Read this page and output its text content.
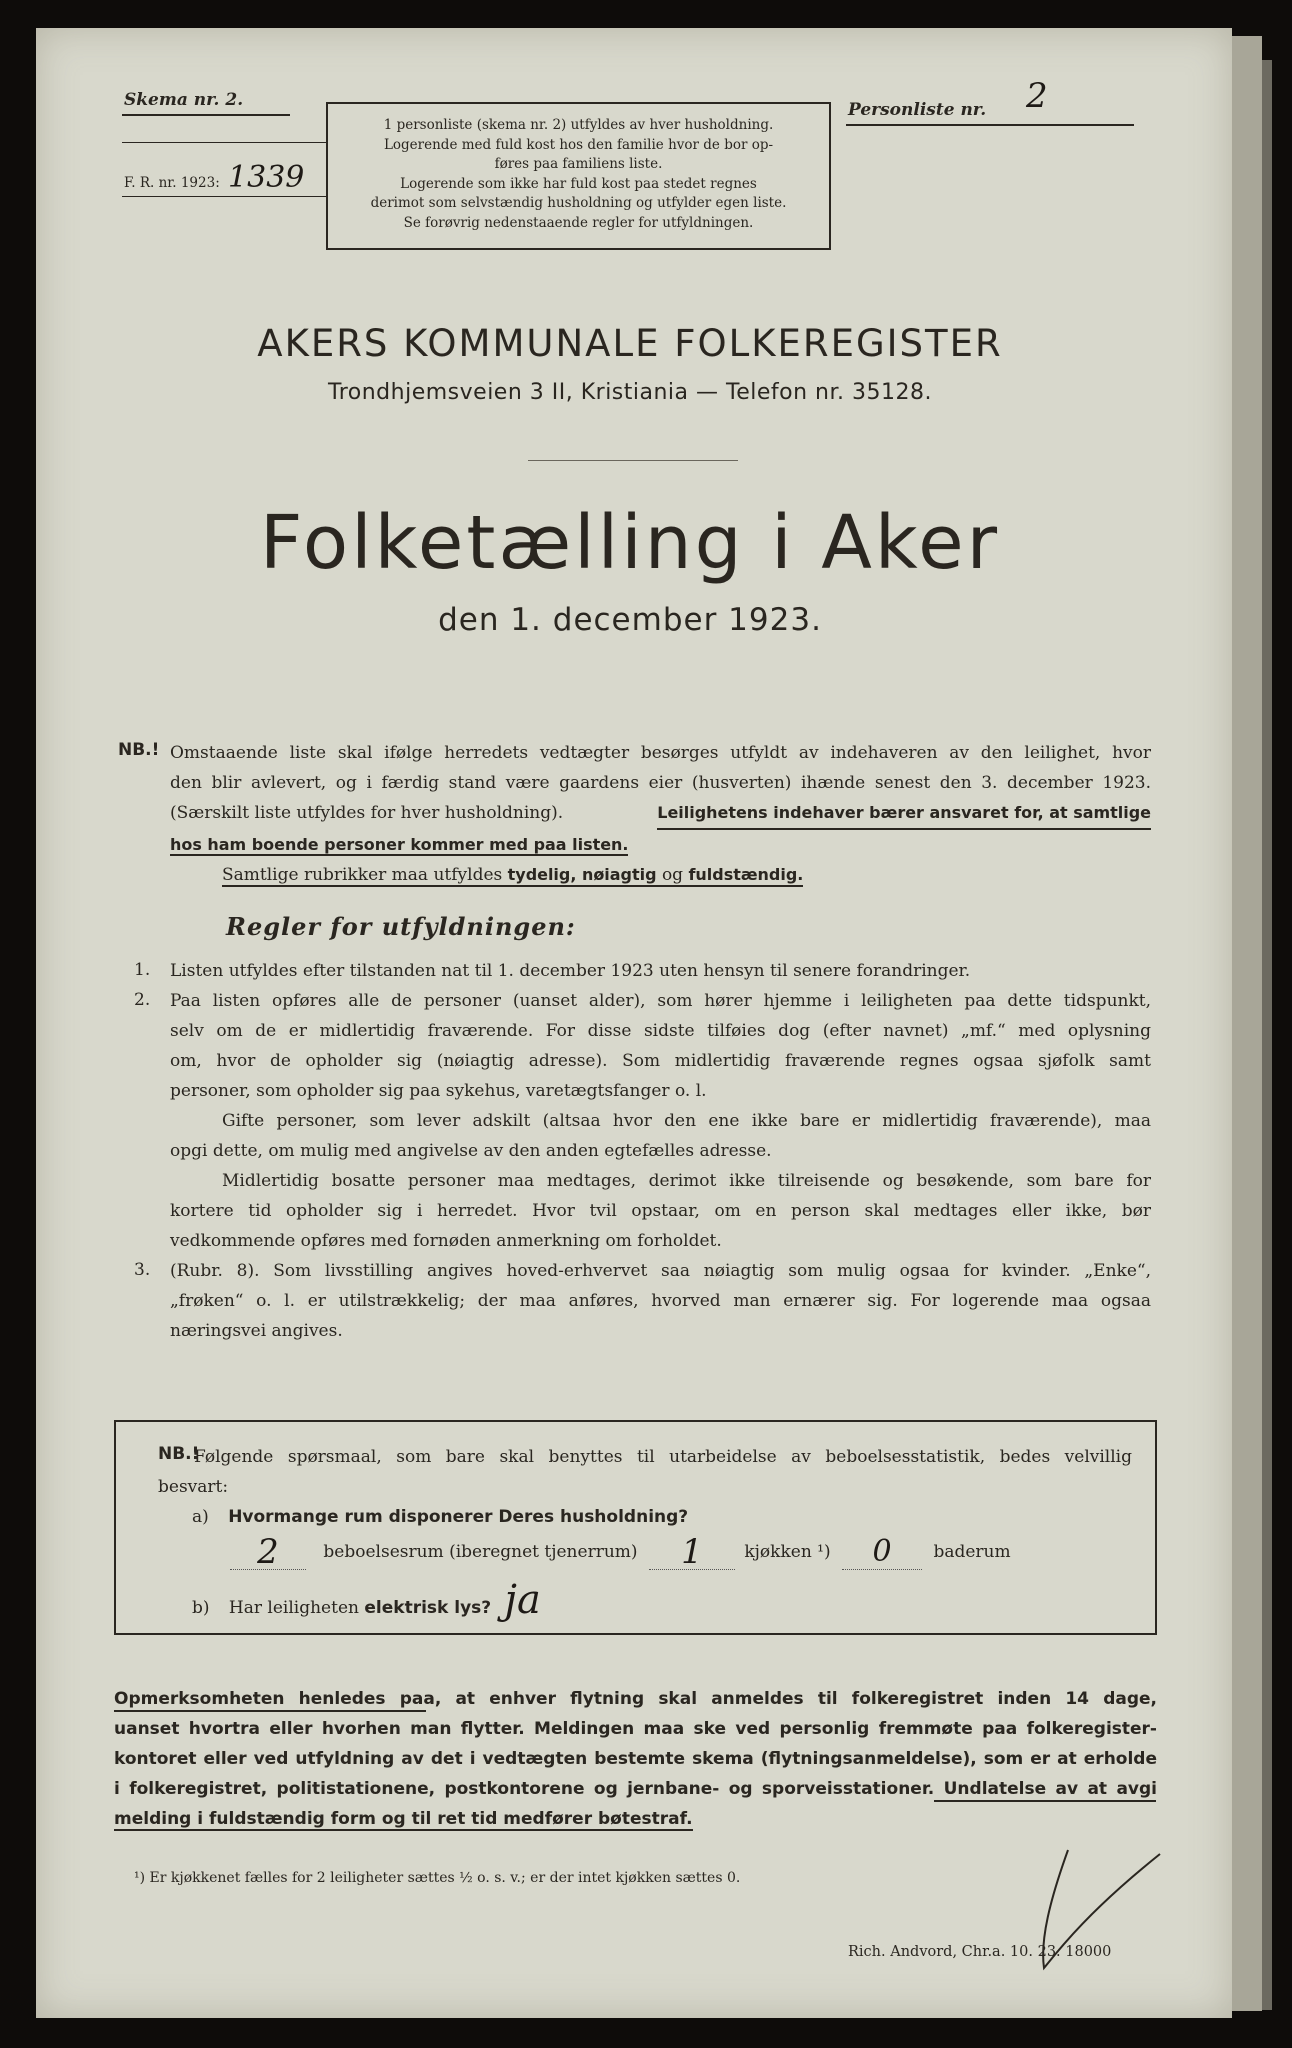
Skema nr. 2.
F. R. nr. 1923: 1339

1 personliste (skema nr. 2) utfyldes av hver husholdning.

Logerende med fuld kost hos den familie hvor de bor op-

føres paa familiens liste.

Logerende som ikke har fuld kost paa stedet regnes

derimot som selvstændig husholdning og utfylder egen liste.

Se forøvrig nedenstaaende regler for utfyldningen.

Personliste nr. 2
AKERS KOMMUNALE FOLKEREGISTER
Trondhjemsveien 3 II, Kristiania — Telefon nr. 35128.
Folketælling i Aker
den 1. december 1923.
NB.! Omstaaende liste skal ifølge herredets vedtægter besørges utfyldt av indehaveren av den leilighet, hvor
den blir avlevert, og i færdig stand være gaardens eier (husverten) ihænde senest den 3. december 1923.
(Særskilt liste utfyldes for hver husholdning).	Leilighetens indehaver bærer ansvaret for, at samtlige
hos ham boende personer kommer med paa listen.
Samtlige rubrikker maa utfyldes tydelig, nøiagtig og fuldstændig.
Regler for utfyldningen:
1. Listen utfyldes efter tilstanden nat til 1. december 1923 uten hensyn til senere forandringer.
2. Paa listen opføres alle de personer (uanset alder), som hører hjemme i leiligheten paa dette tidspunkt,
selv om de er midlertidig fraværende. For disse sidste tilføies dog (efter navnet) „mf.“ med oplysning
om, hvor de opholder sig (nøiagtig adresse). Som midlertidig fraværende regnes ogsaa sjøfolk samt
personer, som opholder sig paa sykehus, varetægtsfanger o. l.
Gifte personer, som lever adskilt (altsaa hvor den ene ikke bare er midlertidig fraværende), maa
opgi dette, om mulig med angivelse av den anden egtefælles adresse.
Midlertidig bosatte personer maa medtages, derimot ikke tilreisende og besøkende, som bare for
kortere tid opholder sig i herredet. Hvor tvil opstaar, om en person skal medtages eller ikke, bør
vedkommende opføres med fornøden anmerkning om forholdet.
3. (Rubr. 8). Som livsstilling angives hoved-erhvervet saa nøiagtig som mulig ogsaa for kvinder. „Enke“,
„frøken“ o. l. er utilstrækkelig; der maa anføres, hvorved man ernærer sig. For logerende maa ogsaa
næringsvei angives.
NB.!
Følgende spørsmaal, som bare skal benyttes til utarbeidelse av beboelsesstatistik, bedes velvillig
besvart:
a) Hvormange rum disponerer Deres husholdning?
2	beboelsesrum (iberegnet tjenerrum) 1 kjøkken ¹) 0 baderum
b) Har leiligheten elektrisk lys? ja
Opmerksomheten henledes paa, at enhver flytning skal anmeldes til folkeregistret inden 14 dage,
uanset hvortra eller hvorhen man flytter. Meldingen maa ske ved personlig fremmøte paa folkeregister-
kontoret eller ved utfyldning av det i vedtægten bestemte skema (flytningsanmeldelse), som er at erholde
i folkeregistret, politistationene, postkontorene og jernbane- og sporveisstationer. Undlatelse av at avgi
melding i fuldstændig form og til ret tid medfører bøtestraf.
¹) Er kjøkkenet fælles for 2 leiligheter sættes ½ o. s. v.; er der intet kjøkken sættes 0.
Rich. Andvord, Chr.a. 10. 23. 18000
